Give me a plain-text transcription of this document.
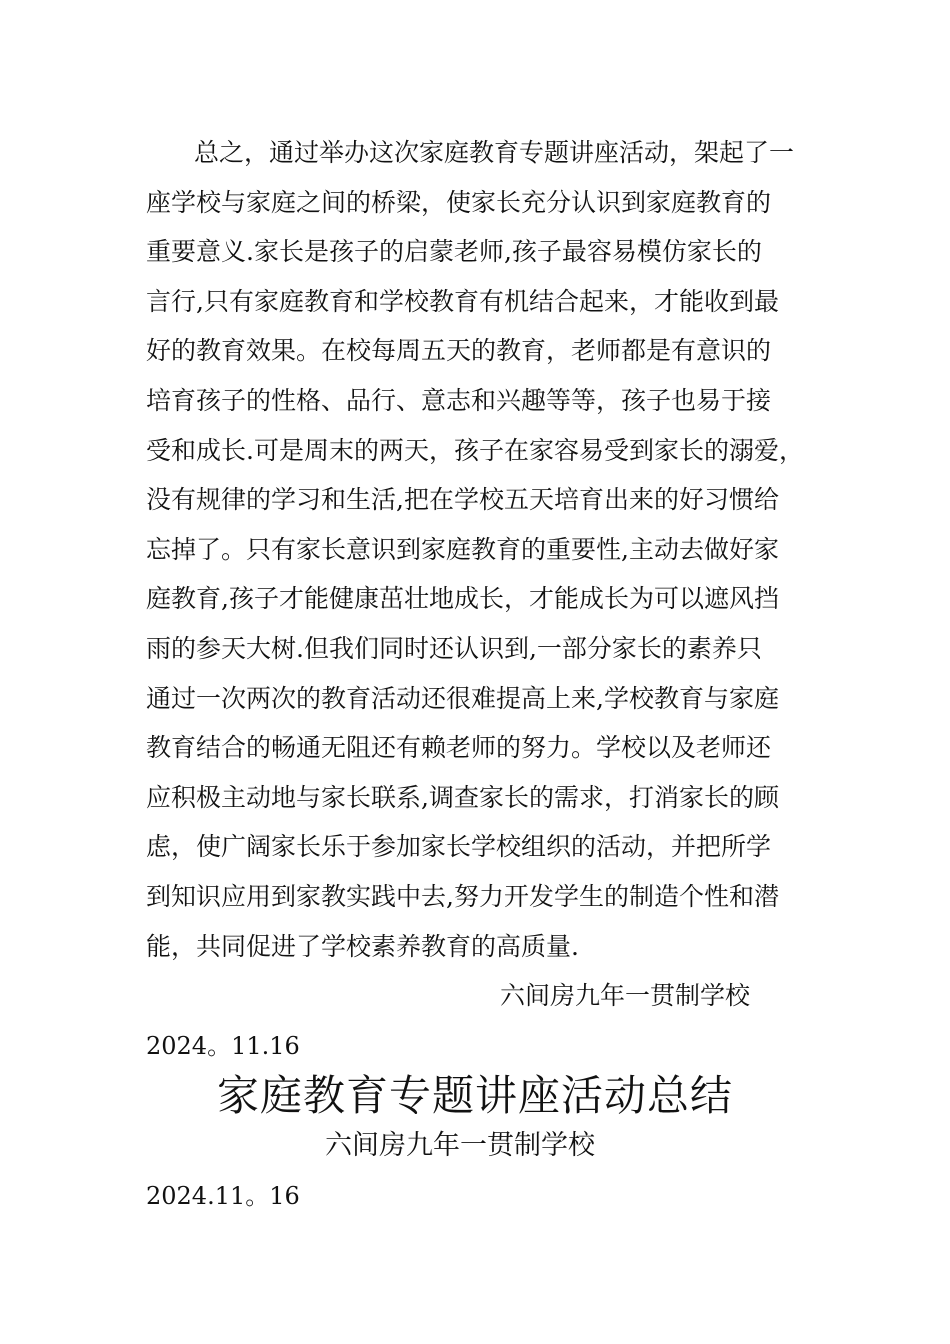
总之，通过举办这次家庭教育专题讲座活动，架起了一
座学校与家庭之间的桥梁，使家长充分认识到家庭教育的
重要意义.家长是孩子的启蒙老师,孩子最容易模仿家长的
言行,只有家庭教育和学校教育有机结合起来，才能收到最
好的教育效果。在校每周五天的教育，老师都是有意识的
培育孩子的性格、品行、意志和兴趣等等，孩子也易于接
受和成长.可是周末的两天，孩子在家容易受到家长的溺爱，
没有规律的学习和生活,把在学校五天培育出来的好习惯给
忘掉了。只有家长意识到家庭教育的重要性,主动去做好家
庭教育,孩子才能健康茁壮地成长，才能成长为可以遮风挡
雨的参天大树.但我们同时还认识到,一部分家长的素养只
通过一次两次的教育活动还很难提高上来,学校教育与家庭
教育结合的畅通无阻还有赖老师的努力。学校以及老师还
应积极主动地与家长联系,调查家长的需求，打消家长的顾
虑，使广阔家长乐于参加家长学校组织的活动，并把所学
到知识应用到家教实践中去,努力开发学生的制造个性和潜
能，共同促进了学校素养教育的高质量.
六间房九年一贯制学校
2024。11.16
家庭教育专题讲座活动总结
六间房九年一贯制学校
2024.11。16
